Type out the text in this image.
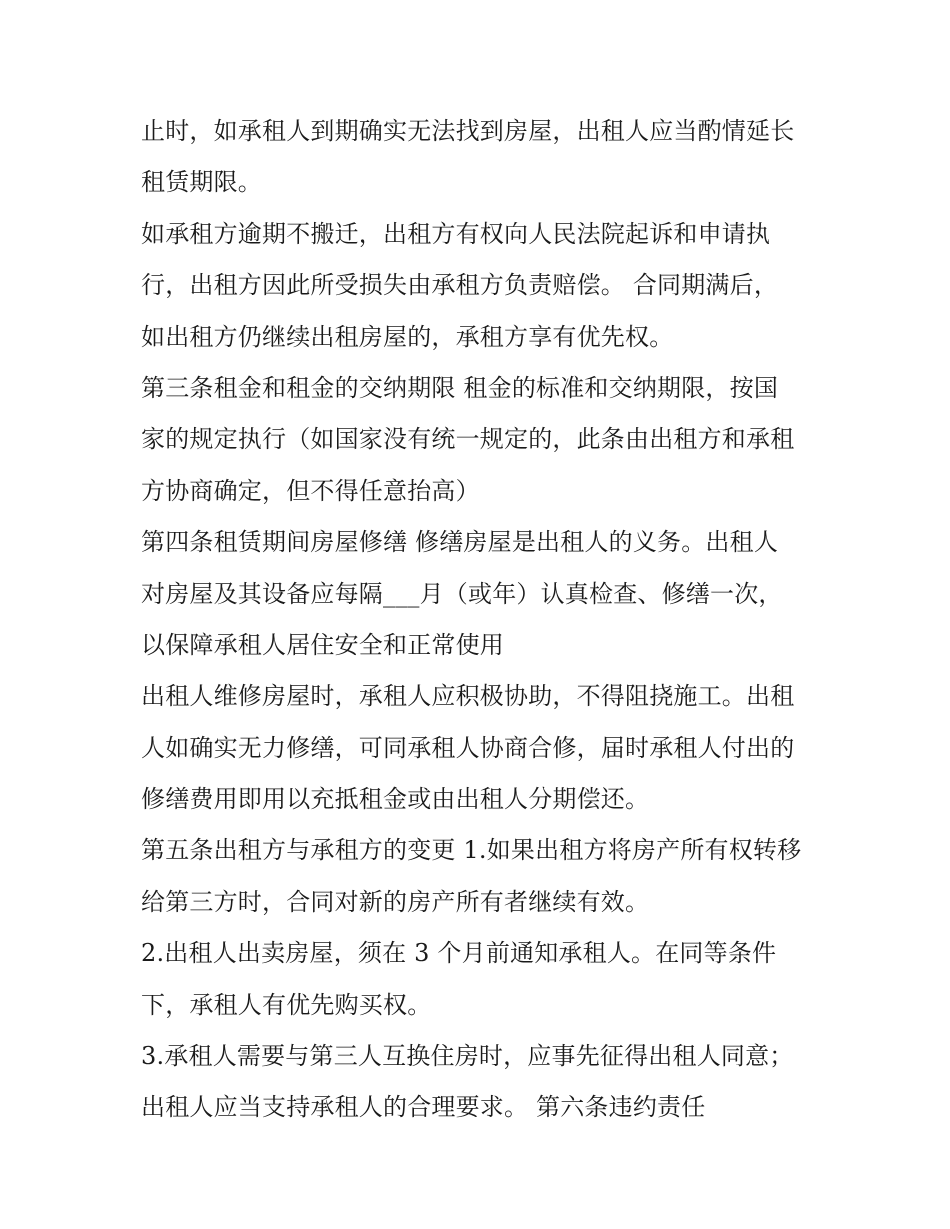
止时，如承租人到期确实无法找到房屋，出租人应当酌情延长
租赁期限。
如承租方逾期不搬迁，出租方有权向人民法院起诉和申请执
行，出租方因此所受损失由承租方负责赔偿。 合同期满后，
如出租方仍继续出租房屋的，承租方享有优先权。
第三条租金和租金的交纳期限 租金的标准和交纳期限，按国
家的规定执行（如国家没有统一规定的，此条由出租方和承租
方协商确定，但不得任意抬高）
第四条租赁期间房屋修缮 修缮房屋是出租人的义务。出租人
对房屋及其设备应每隔___月（或年）认真检查、修缮一次，
以保障承租人居住安全和正常使用
出租人维修房屋时，承租人应积极协助，不得阻挠施工。出租
人如确实无力修缮，可同承租人协商合修，届时承租人付出的
修缮费用即用以充抵租金或由出租人分期偿还。
第五条出租方与承租方的变更 1.如果出租方将房产所有权转移
给第三方时，合同对新的房产所有者继续有效。
2.出租人出卖房屋，须在 3 个月前通知承租人。在同等条件
下，承租人有优先购买权。
3.承租人需要与第三人互换住房时，应事先征得出租人同意；
出租人应当支持承租人的合理要求。 第六条违约责任
